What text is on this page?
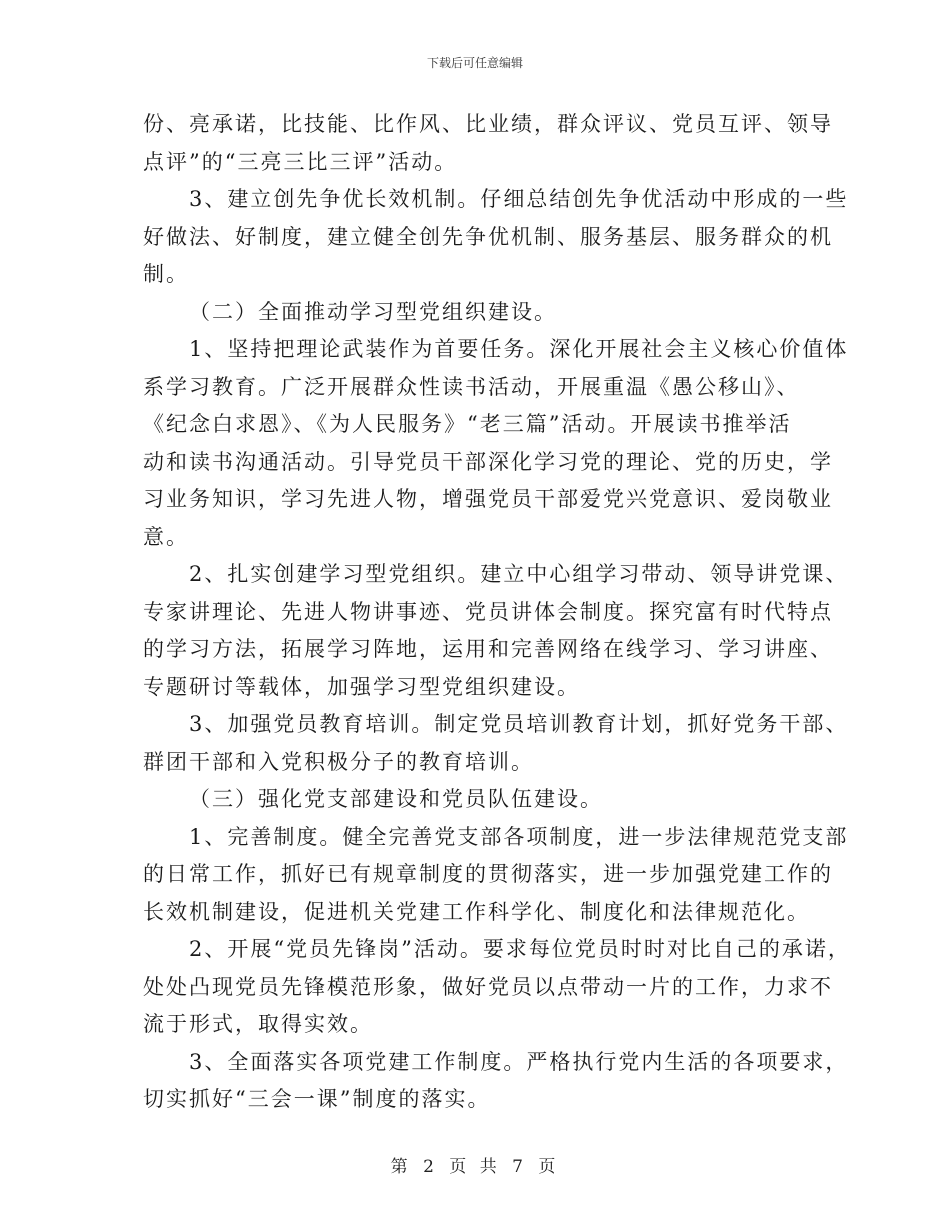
下载后可任意编辑
份、亮承诺，比技能、比作风、比业绩，群众评议、党员互评、领导
点评”的“三亮三比三评”活动。
3、建立创先争优长效机制。仔细总结创先争优活动中形成的一些
好做法、好制度，建立健全创先争优机制、服务基层、服务群众的机
制。
（二）全面推动学习型党组织建设。
1、坚持把理论武装作为首要任务。深化开展社会主义核心价值体
系学习教育。广泛开展群众性读书活动，开展重温《愚公移山》、
《纪念白求恩》、《为人民服务》“老三篇”活动。开展读书推举活
动和读书沟通活动。引导党员干部深化学习党的理论、党的历史，学
习业务知识，学习先进人物，增强党员干部爱党兴党意识、爱岗敬业
意。
2、扎实创建学习型党组织。建立中心组学习带动、领导讲党课、
专家讲理论、先进人物讲事迹、党员讲体会制度。探究富有时代特点
的学习方法，拓展学习阵地，运用和完善网络在线学习、学习讲座、
专题研讨等载体，加强学习型党组织建设。
3、加强党员教育培训。制定党员培训教育计划，抓好党务干部、
群团干部和入党积极分子的教育培训。
（三）强化党支部建设和党员队伍建设。
1、完善制度。健全完善党支部各项制度，进一步法律规范党支部
的日常工作，抓好已有规章制度的贯彻落实，进一步加强党建工作的
长效机制建设，促进机关党建工作科学化、制度化和法律规范化。
2、开展“党员先锋岗”活动。要求每位党员时时对比自己的承诺，
处处凸现党员先锋模范形象，做好党员以点带动一片的工作，力求不
流于形式，取得实效。
3、全面落实各项党建工作制度。严格执行党内生活的各项要求，
切实抓好“三会一课”制度的落实。
第 2 页 共 7 页
